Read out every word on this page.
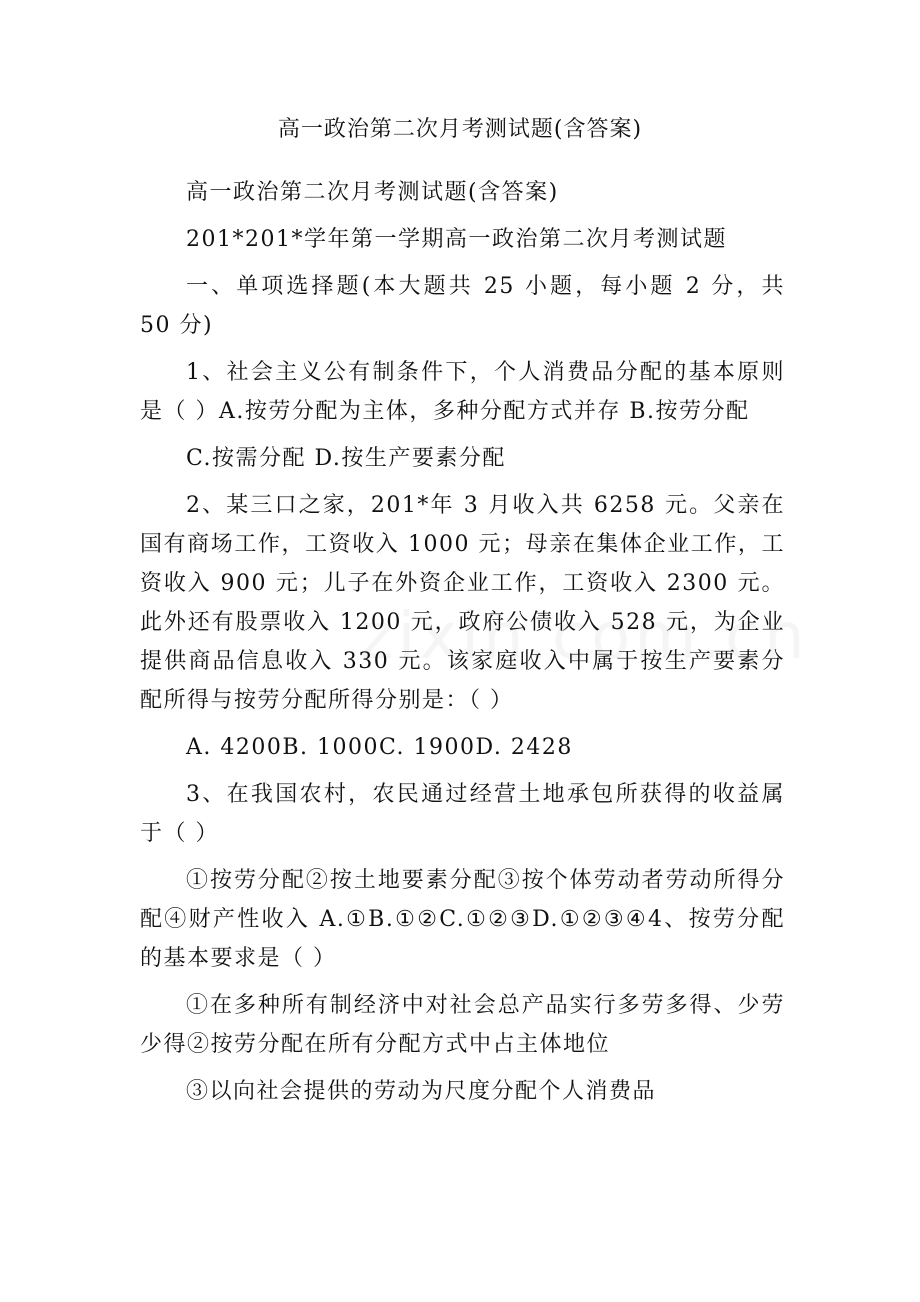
高一政治第二次月考测试题(含答案)

高一政治第二次月考测试题(含答案)

201*201*学年第一学期高一政治第二次月考测试题

一、单项选择题(本大题共 25 小题，每小题 2 分，共 50 分)

1、社会主义公有制条件下，个人消费品分配的基本原则是（ ）A.按劳分配为主体，多种分配方式并存 B.按劳分配

C.按需分配 D.按生产要素分配

2、某三口之家，201*年 3 月收入共 6258 元。父亲在国有商场工作，工资收入 1000 元；母亲在集体企业工作，工资收入 900 元；儿子在外资企业工作，工资收入 2300 元。此外还有股票收入 1200 元，政府公债收入 528 元，为企业提供商品信息收入 330 元。该家庭收入中属于按生产要素分配所得与按劳分配所得分别是：（ ）

A. 4200B. 1000C. 1900D. 2428

3、在我国农村，农民通过经营土地承包所获得的收益属于（ ）

①按劳分配②按土地要素分配③按个体劳动者劳动所得分配④财产性收入 A.①B.①②C.①②③D.①②③④4、按劳分配的基本要求是（ ）

①在多种所有制经济中对社会总产品实行多劳多得、少劳少得②按劳分配在所有分配方式中占主体地位

③以向社会提供的劳动为尺度分配个人消费品
